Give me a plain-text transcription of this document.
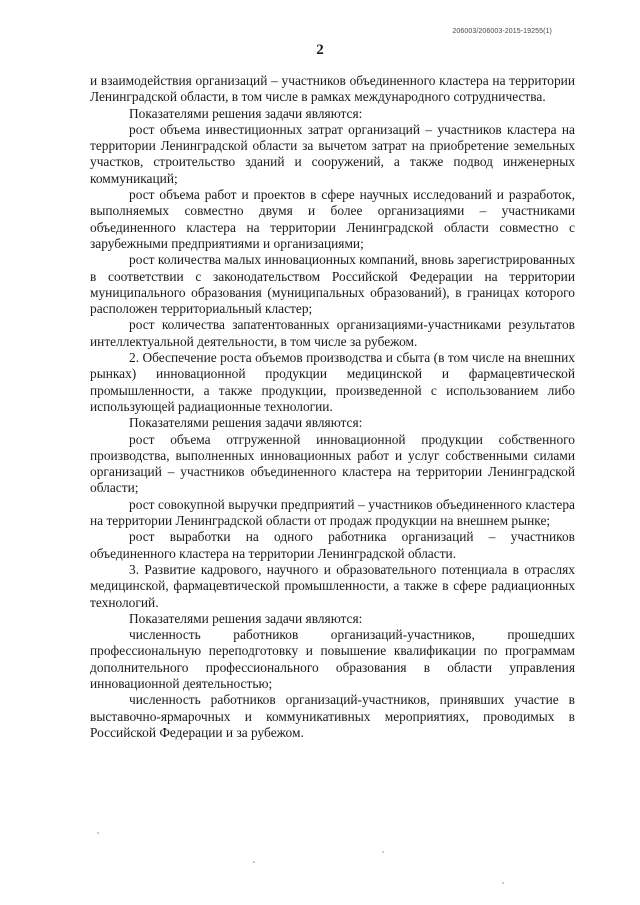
206003/206003-2015-19255(1)
2

и взаимодействия организаций – участников объединенного кластера на территории Ленинградской области, в том числе в рамках международного сотрудничества.

Показателями решения задачи являются:

рост объема инвестиционных затрат организаций – участников кластера на территории Ленинградской области за вычетом затрат на приобретение земельных участков, строительство зданий и сооружений, а также подвод инженерных коммуникаций;

рост объема работ и проектов в сфере научных исследований и разработок, выполняемых совместно двумя и более организациями – участниками объединенного кластера на территории Ленинградской области совместно с зарубежными предприятиями и организациями;

рост количества малых инновационных компаний, вновь зарегистрированных в соответствии с законодательством Российской Федерации на территории муниципального образования (муниципальных образований), в границах которого расположен территориальный кластер;

рост количества запатентованных организациями-участниками результатов интеллектуальной деятельности, в том числе за рубежом.

2. Обеспечение роста объемов производства и сбыта (в том числе на внешних рынках) инновационной продукции медицинской и фармацевтической промышленности, а также продукции, произведенной с использованием либо использующей радиационные технологии.

Показателями решения задачи являются:

рост объема отгруженной инновационной продукции собственного производства, выполненных инновационных работ и услуг собственными силами организаций – участников объединенного кластера на территории Ленинградской области;

рост совокупной выручки предприятий – участников объединенного кластера на территории Ленинградской области от продаж продукции на внешнем рынке;

рост выработки на одного работника организаций – участников объединенного кластера на территории Ленинградской области.

3. Развитие кадрового, научного и образовательного потенциала в отраслях медицинской, фармацевтической промышленности, а также в сфере радиационных технологий.

Показателями решения задачи являются:

численность работников организаций-участников, прошедших профессиональную переподготовку и повышение квалификации по программам дополнительного профессионального образования в области управления инновационной деятельностью;

численность работников организаций-участников, принявших участие в выставочно-ярмарочных и коммуникативных мероприятиях, проводимых в Российской Федерации и за рубежом.
